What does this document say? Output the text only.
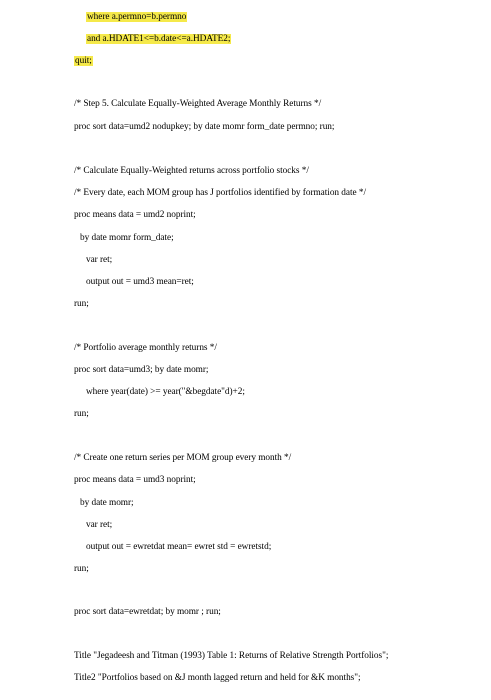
where a.permno=b.permno
and a.HDATE1<=b.date<=a.HDATE2;
quit;
/* Step 5. Calculate Equally-Weighted Average Monthly Returns */
proc sort data=umd2 nodupkey; by date momr form_date permno; run;
/* Calculate Equally-Weighted returns across portfolio stocks */
/* Every date, each MOM group has J portfolios identified by formation date */
proc means data = umd2 noprint;
by date momr form_date;
var ret;
output out = umd3 mean=ret;
run;
/* Portfolio average monthly returns */
proc sort data=umd3; by date momr;
where year(date) >= year("&begdate"d)+2;
run;
/* Create one return series per MOM group every month */
proc means data = umd3 noprint;
by date momr;
var ret;
output out = ewretdat mean= ewret std = ewretstd;
run;
proc sort data=ewretdat; by momr ; run;
Title "Jegadeesh and Titman (1993) Table 1: Returns of Relative Strength Portfolios";
Title2 "Portfolios based on &J month lagged return and held for &K months";
